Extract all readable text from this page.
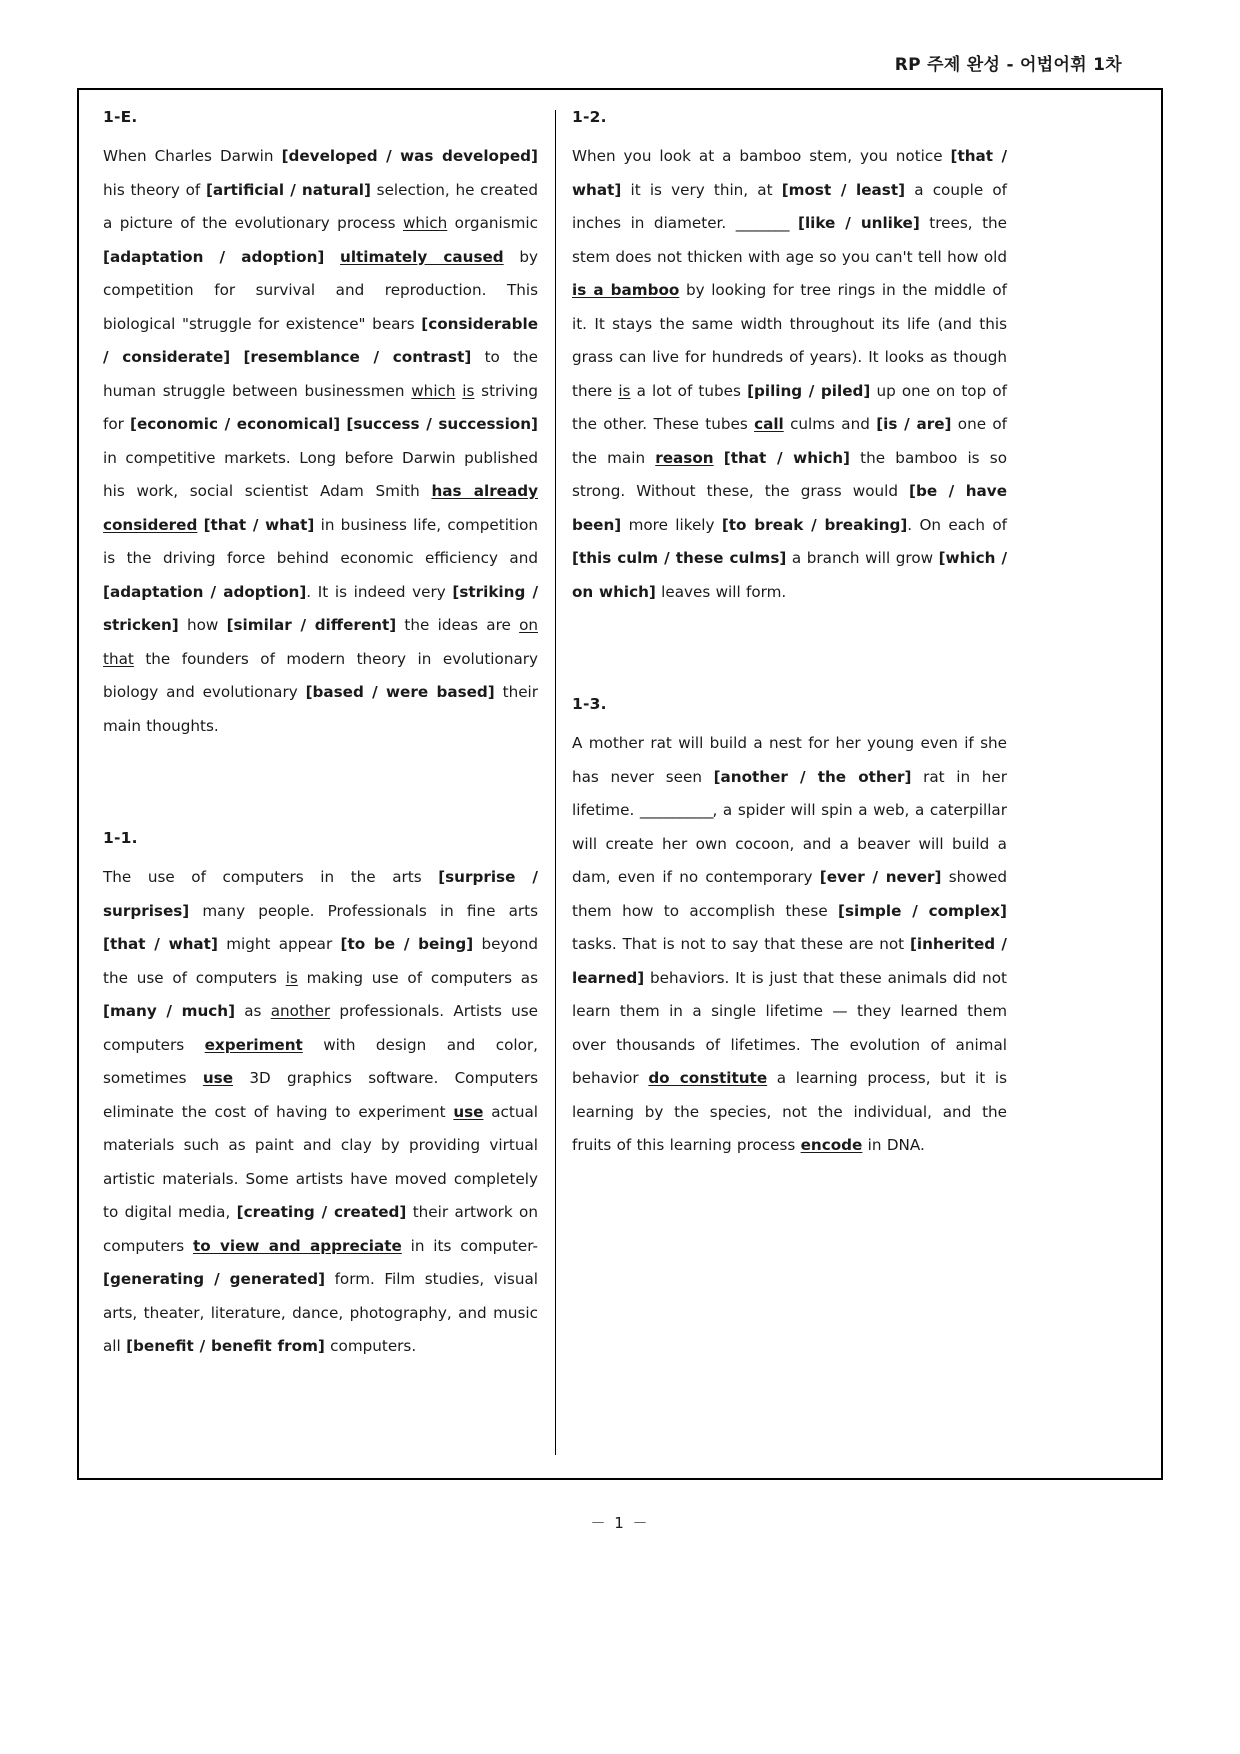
RP 주제 완성 - 어법어휘 1차
1-E.
When Charles Darwin [developed / was developed] his theory of [artificial / natural] selection, he created a picture of the evolutionary process which organismic [adaptation / adoption] ultimately caused by competition for survival and reproduction. This biological "struggle for existence" bears [considerable / considerate] [resemblance / contrast] to the human struggle between businessmen which is striving for [economic / economical] [success / succession] in competitive markets. Long before Darwin published his work, social scientist Adam Smith has already considered [that / what] in business life, competition is the driving force behind economic efficiency and [adaptation / adoption]. It is indeed very [striking / stricken] how [similar / different] the ideas are on that the founders of modern theory in evolutionary biology and evolutionary [based / were based] their main thoughts.
1-1.
The use of computers in the arts [surprise / surprises] many people. Professionals in fine arts [that / what] might appear [to be / being] beyond the use of computers is making use of computers as [many / much] as another professionals. Artists use computers experiment with design and color, sometimes use 3D graphics software. Computers eliminate the cost of having to experiment use actual materials such as paint and clay by providing virtual artistic materials. Some artists have moved completely to digital media, [creating / created] their artwork on computers to view and appreciate in its computer-[generating / generated] form. Film studies, visual arts, theater, literature, dance, photography, and music all [benefit / benefit from] computers.
1-2.
When you look at a bamboo stem, you notice [that / what] it is very thin, at [most / least] a couple of inches in diameter. ________ [like / unlike] trees, the stem does not thicken with age so you can't tell how old is a bamboo by looking for tree rings in the middle of it. It stays the same width throughout its life (and this grass can live for hundreds of years). It looks as though there is a lot of tubes [piling / piled] up one on top of the other. These tubes call culms and [is / are] one of the main reason [that / which] the bamboo is so strong. Without these, the grass would [be / have been] more likely [to break / breaking]. On each of [this culm / these culms] a branch will grow [which / on which] leaves will form.
1-3.
A mother rat will build a nest for her young even if she has never seen [another / the other] rat in her lifetime. ___________, a spider will spin a web, a caterpillar will create her own cocoon, and a beaver will build a dam, even if no contemporary [ever / never] showed them how to accomplish these [simple / complex] tasks. That is not to say that these are not [inherited / learned] behaviors. It is just that these animals did not learn them in a single lifetime — they learned them over thousands of lifetimes. The evolution of animal behavior do constitute a learning process, but it is learning by the species, not the individual, and the fruits of this learning process encode in DNA.
－ 1 －
